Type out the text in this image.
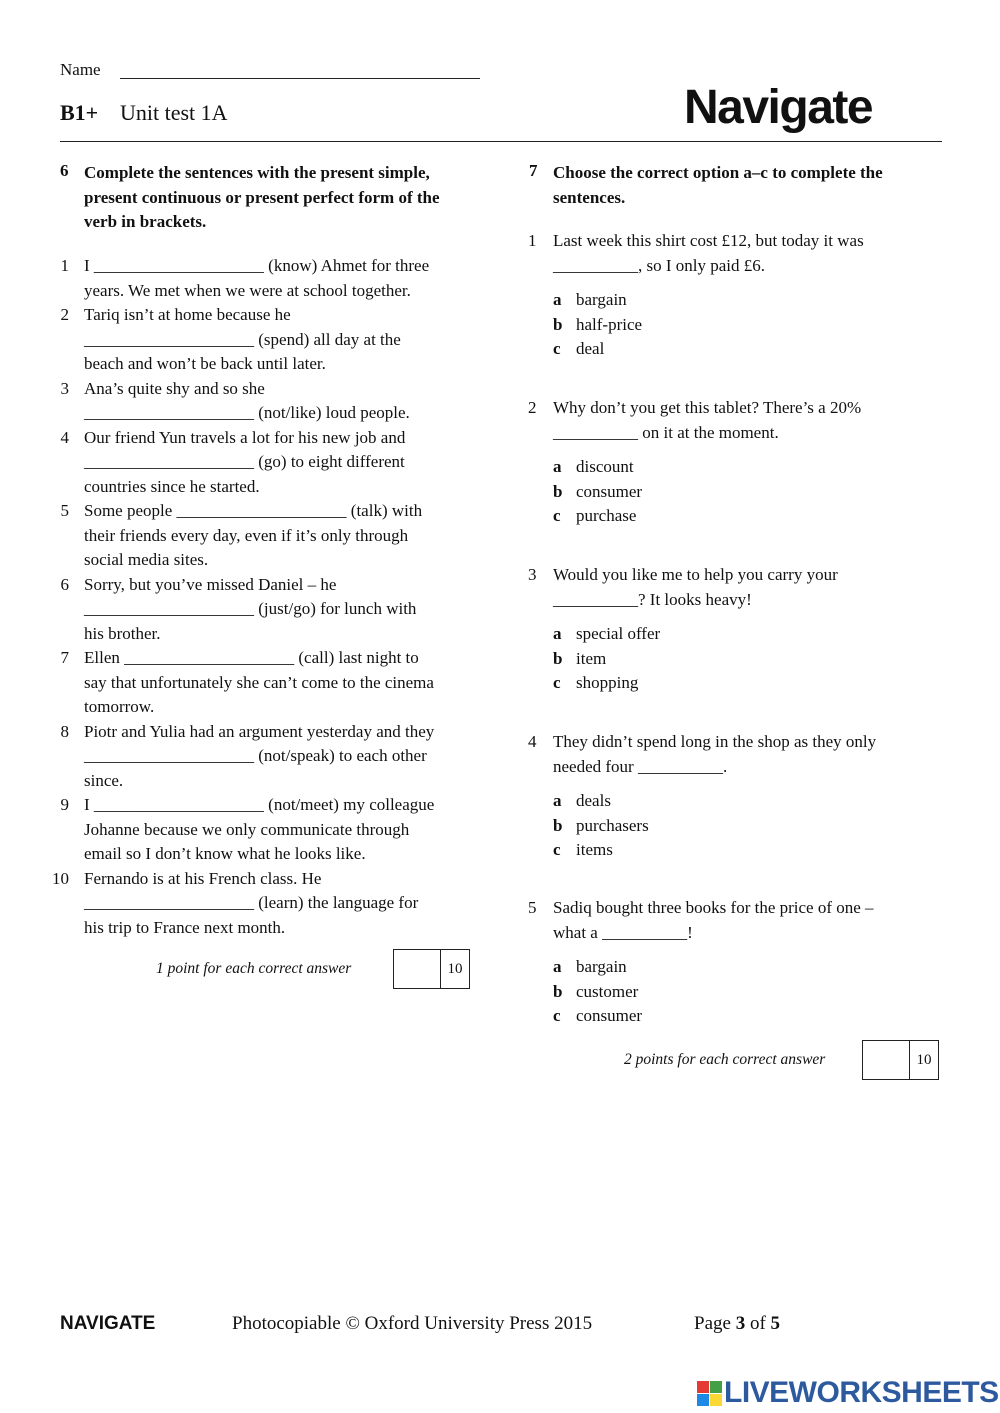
Name
B1+ Unit test 1A	Navigate
6 Complete the sentences with the present simple, present continuous or present perfect form of the verb in brackets.
1 I ____________________ (know) Ahmet for three
years. We met when we were at school together.
2 Tariq isn’t at home because he
____________________ (spend) all day at the
beach and won’t be back until later.
3 Ana’s quite shy and so she
____________________ (not/like) loud people.
4 Our friend Yun travels a lot for his new job and
____________________ (go) to eight different
countries since he started.
5 Some people ____________________ (talk) with
their friends every day, even if it’s only through
social media sites.
6 Sorry, but you’ve missed Daniel – he
____________________ (just/go) for lunch with
his brother.
7 Ellen ____________________ (call) last night to
say that unfortunately she can’t come to the cinema
tomorrow.
8 Piotr and Yulia had an argument yesterday and they
____________________ (not/speak) to each other
since.
9 I ____________________ (not/meet) my colleague
Johanne because we only communicate through
email so I don’t know what he looks like.
10 Fernando is at his French class. He
____________________ (learn) the language for
his trip to France next month.
1 point for each correct answer	10
7 Choose the correct option a–c to complete the sentences.
1 Last week this shirt cost £12, but today it was
__________, so I only paid £6.
a bargain
b half-price
c deal
2 Why don’t you get this tablet? There’s a 20%
__________ on it at the moment.
a discount
b consumer
c purchase
3 Would you like me to help you carry your
__________? It looks heavy!
a special offer
b item
c shopping
4 They didn’t spend long in the shop as they only
needed four __________.
a deals
b purchasers
c items
5 Sadiq bought three books for the price of one –
what a __________!
a bargain
b customer
c consumer
2 points for each correct answer	10
NAVIGATE	Photocopiable © Oxford University Press 2015	Page 3 of 5
LIVEWORKSHEETS
